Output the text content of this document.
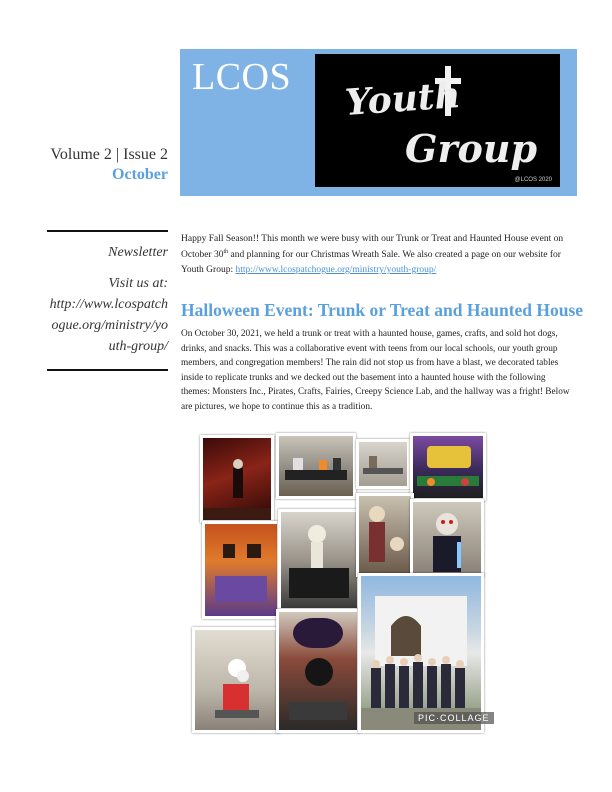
LCOS Youth
Group
@LCOS 2020
Volume 2 | Issue 2
October
Newsletter
Visit us at:
http://www.lcospatchogue.org/ministry/youth-group/
Happy Fall Season!! This month we were busy with our Trunk or Treat and Haunted House event on October 30th and planning for our Christmas Wreath Sale. We also created a page on our website for Youth Group: http://www.lcospatchogue.org/ministry/youth-group/
Halloween Event: Trunk or Treat and Haunted House
On October 30, 2021, we held a trunk or treat with a haunted house, games, crafts, and sold hot dogs, drinks, and snacks. This was a collaborative event with teens from our local schools, our youth group members, and congregation members! The rain did not stop us from have a blast, we decorated tables inside to replicate trunks and we decked out the basement into a haunted house with the following themes: Monsters Inc., Pirates, Crafts, Fairies, Creepy Science Lab, and the hallway was a fright! Below are pictures, we hope to continue this as a tradition.
PIC·COLLAGE
